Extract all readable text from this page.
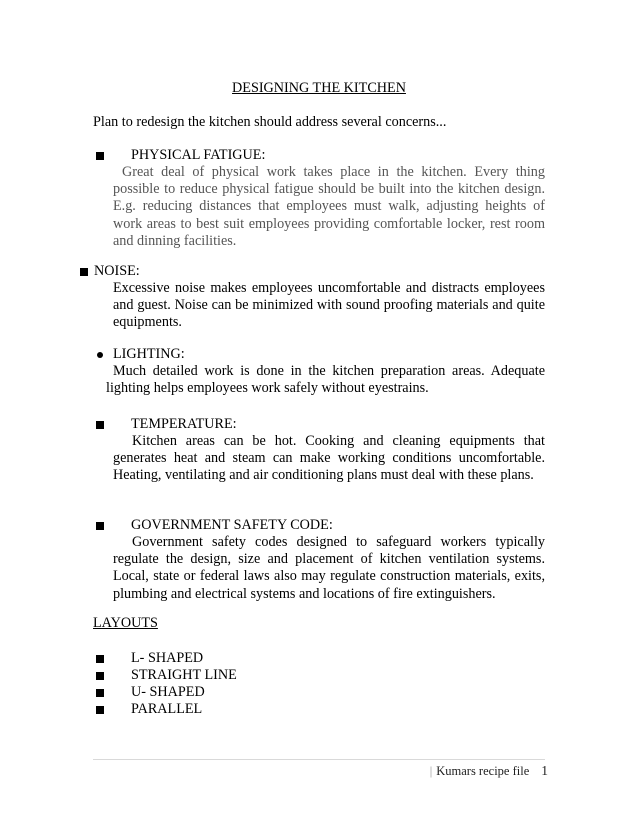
DESIGNING THE KITCHEN
Plan to redesign the kitchen should address several concerns...
PHYSICAL FATIGUE:
Great deal of physical work takes place in the kitchen. Every thing possible to reduce physical fatigue should be built into the kitchen design. E.g. reducing distances that employees must walk, adjusting heights of work areas to best suit employees providing comfortable locker, rest room and dinning facilities.
NOISE:
Excessive noise makes employees uncomfortable and distracts employees and guest. Noise can be minimized with sound proofing materials and quite equipments.
LIGHTING:
Much detailed work is done in the kitchen preparation areas. Adequate lighting helps employees work safely without eyestrains.
TEMPERATURE:
Kitchen areas can be hot. Cooking and cleaning equipments that generates heat and steam can make working conditions uncomfortable. Heating, ventilating and air conditioning plans must deal with these plans.
GOVERNMENT SAFETY CODE:
Government safety codes designed to safeguard workers typically regulate the design, size and placement of kitchen ventilation systems. Local, state or federal laws also may regulate construction materials, exits, plumbing and electrical systems and locations of fire extinguishers.
LAYOUTS
L- SHAPED
STRAIGHT LINE
U- SHAPED
PARALLEL
| Kumars recipe file 1
